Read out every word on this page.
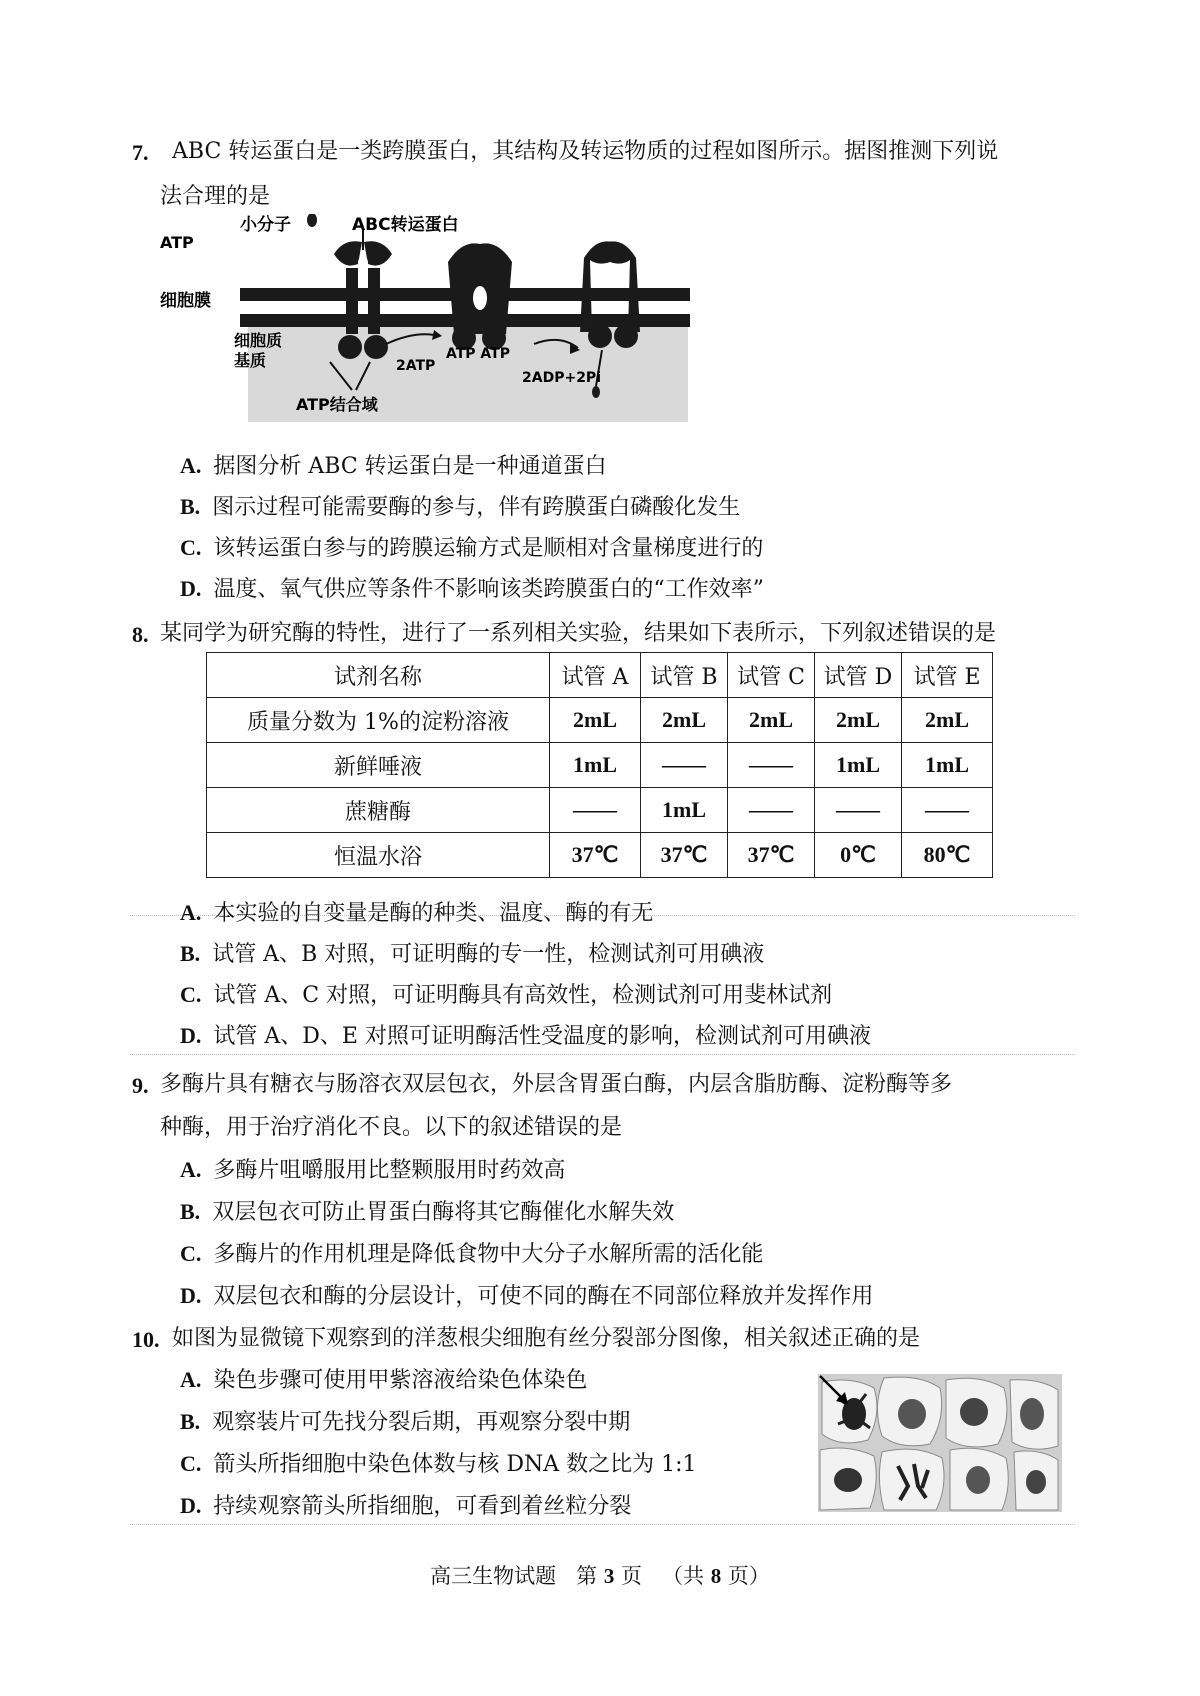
7. ABC 转运蛋白是一类跨膜蛋白，其结构及转运物质的过程如图所示。据图推测下列说
法合理的是
小分子	ABC转运蛋白
ATP
细胞膜
细胞质
基质	2ATP
ATP ATP
2ADP+2Pi
ATP结合域
A. 据图分析 ABC 转运蛋白是一种通道蛋白
B. 图示过程可能需要酶的参与，伴有跨膜蛋白磷酸化发生
C. 该转运蛋白参与的跨膜运输方式是顺相对含量梯度进行的
D. 温度、氧气供应等条件不影响该类跨膜蛋白的“工作效率”
8. 某同学为研究酶的特性，进行了一系列相关实验，结果如下表所示，下列叙述错误的是
试剂名称	试管 A	试管 B	试管 C	试管 D	试管 E
质量分数为 1%的淀粉溶液	2mL	2mL	2mL	2mL	2mL
新鲜唾液	1mL	——	——	1mL	1mL
蔗糖酶	——	1mL	——	——	——
恒温水浴	37℃	37℃	37℃	0℃	80℃
A. 本实验的自变量是酶的种类、温度、酶的有无
B. 试管 A、B 对照，可证明酶的专一性，检测试剂可用碘液
C. 试管 A、C 对照，可证明酶具有高效性，检测试剂可用斐林试剂
D. 试管 A、D、E 对照可证明酶活性受温度的影响，检测试剂可用碘液
9. 多酶片具有糖衣与肠溶衣双层包衣，外层含胃蛋白酶，内层含脂肪酶、淀粉酶等多
种酶，用于治疗消化不良。以下的叙述错误的是
A. 多酶片咀嚼服用比整颗服用时药效高
B. 双层包衣可防止胃蛋白酶将其它酶催化水解失效
C. 多酶片的作用机理是降低食物中大分子水解所需的活化能
D. 双层包衣和酶的分层设计，可使不同的酶在不同部位释放并发挥作用
10. 如图为显微镜下观察到的洋葱根尖细胞有丝分裂部分图像，相关叙述正确的是
A. 染色步骤可使用甲紫溶液给染色体染色
B. 观察装片可先找分裂后期，再观察分裂中期
C. 箭头所指细胞中染色体数与核 DNA 数之比为 1:1
D. 持续观察箭头所指细胞，可看到着丝粒分裂
高三生物试题 第 3 页 （共 8 页）
